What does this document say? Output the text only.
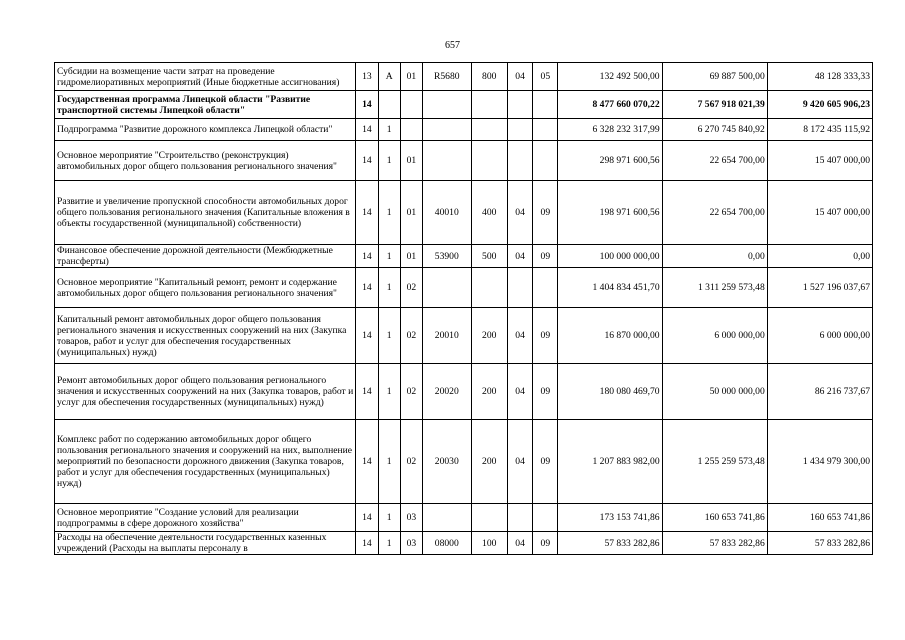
657
Субсидии на возмещение части затрат на проведение гидромелиоративных мероприятий (Иные бюджетные ассигнования)	13	А	01	R5680	800	04	05	132 492 500,00	69 887 500,00	48 128 333,33
Государственная программа Липецкой области "Развитие транспортной системы Липецкой области"	14							8 477 660 070,22	7 567 918 021,39	9 420 605 906,23
Подпрограмма "Развитие дорожного комплекса Липецкой области"	14	1						6 328 232 317,99	6 270 745 840,92	8 172 435 115,92
Основное мероприятие "Строительство (реконструкция) автомобильных дорог общего пользования регионального значения"	14	1	01					298 971 600,56	22 654 700,00	15 407 000,00
Развитие и увеличение пропускной способности автомобильных дорог общего пользования регионального значения (Капитальные вложения в объекты государственной (муниципальной) собственности)	14	1	01	40010	400	04	09	198 971 600,56	22 654 700,00	15 407 000,00
Финансовое обеспечение дорожной деятельности (Межбюджетные трансферты)	14	1	01	53900	500	04	09	100 000 000,00	0,00	0,00
Основное мероприятие "Капитальный ремонт, ремонт и содержание автомобильных дорог общего пользования регионального значения"	14	1	02					1 404 834 451,70	1 311 259 573,48	1 527 196 037,67
Капитальный ремонт автомобильных дорог общего пользования регионального значения и искусственных сооружений на них (Закупка товаров, работ и услуг для обеспечения государственных (муниципальных) нужд)	14	1	02	20010	200	04	09	16 870 000,00	6 000 000,00	6 000 000,00
Ремонт автомобильных дорог общего пользования регионального значения и искусственных сооружений на них (Закупка товаров, работ и услуг для обеспечения государственных (муниципальных) нужд)	14	1	02	20020	200	04	09	180 080 469,70	50 000 000,00	86 216 737,67
Комплекс работ по содержанию автомобильных дорог общего пользования регионального значения и сооружений на них, выполнение мероприятий по безопасности дорожного движения (Закупка товаров, работ и услуг для обеспечения государственных (муниципальных) нужд)	14	1	02	20030	200	04	09	1 207 883 982,00	1 255 259 573,48	1 434 979 300,00
Основное мероприятие "Создание условий для реализации подпрограммы в сфере дорожного хозяйства"	14	1	03					173 153 741,86	160 653 741,86	160 653 741,86
Расходы на обеспечение деятельности государственных казенных учреждений (Расходы на выплаты персоналу в	14	1	03	08000	100	04	09	57 833 282,86	57 833 282,86	57 833 282,86
